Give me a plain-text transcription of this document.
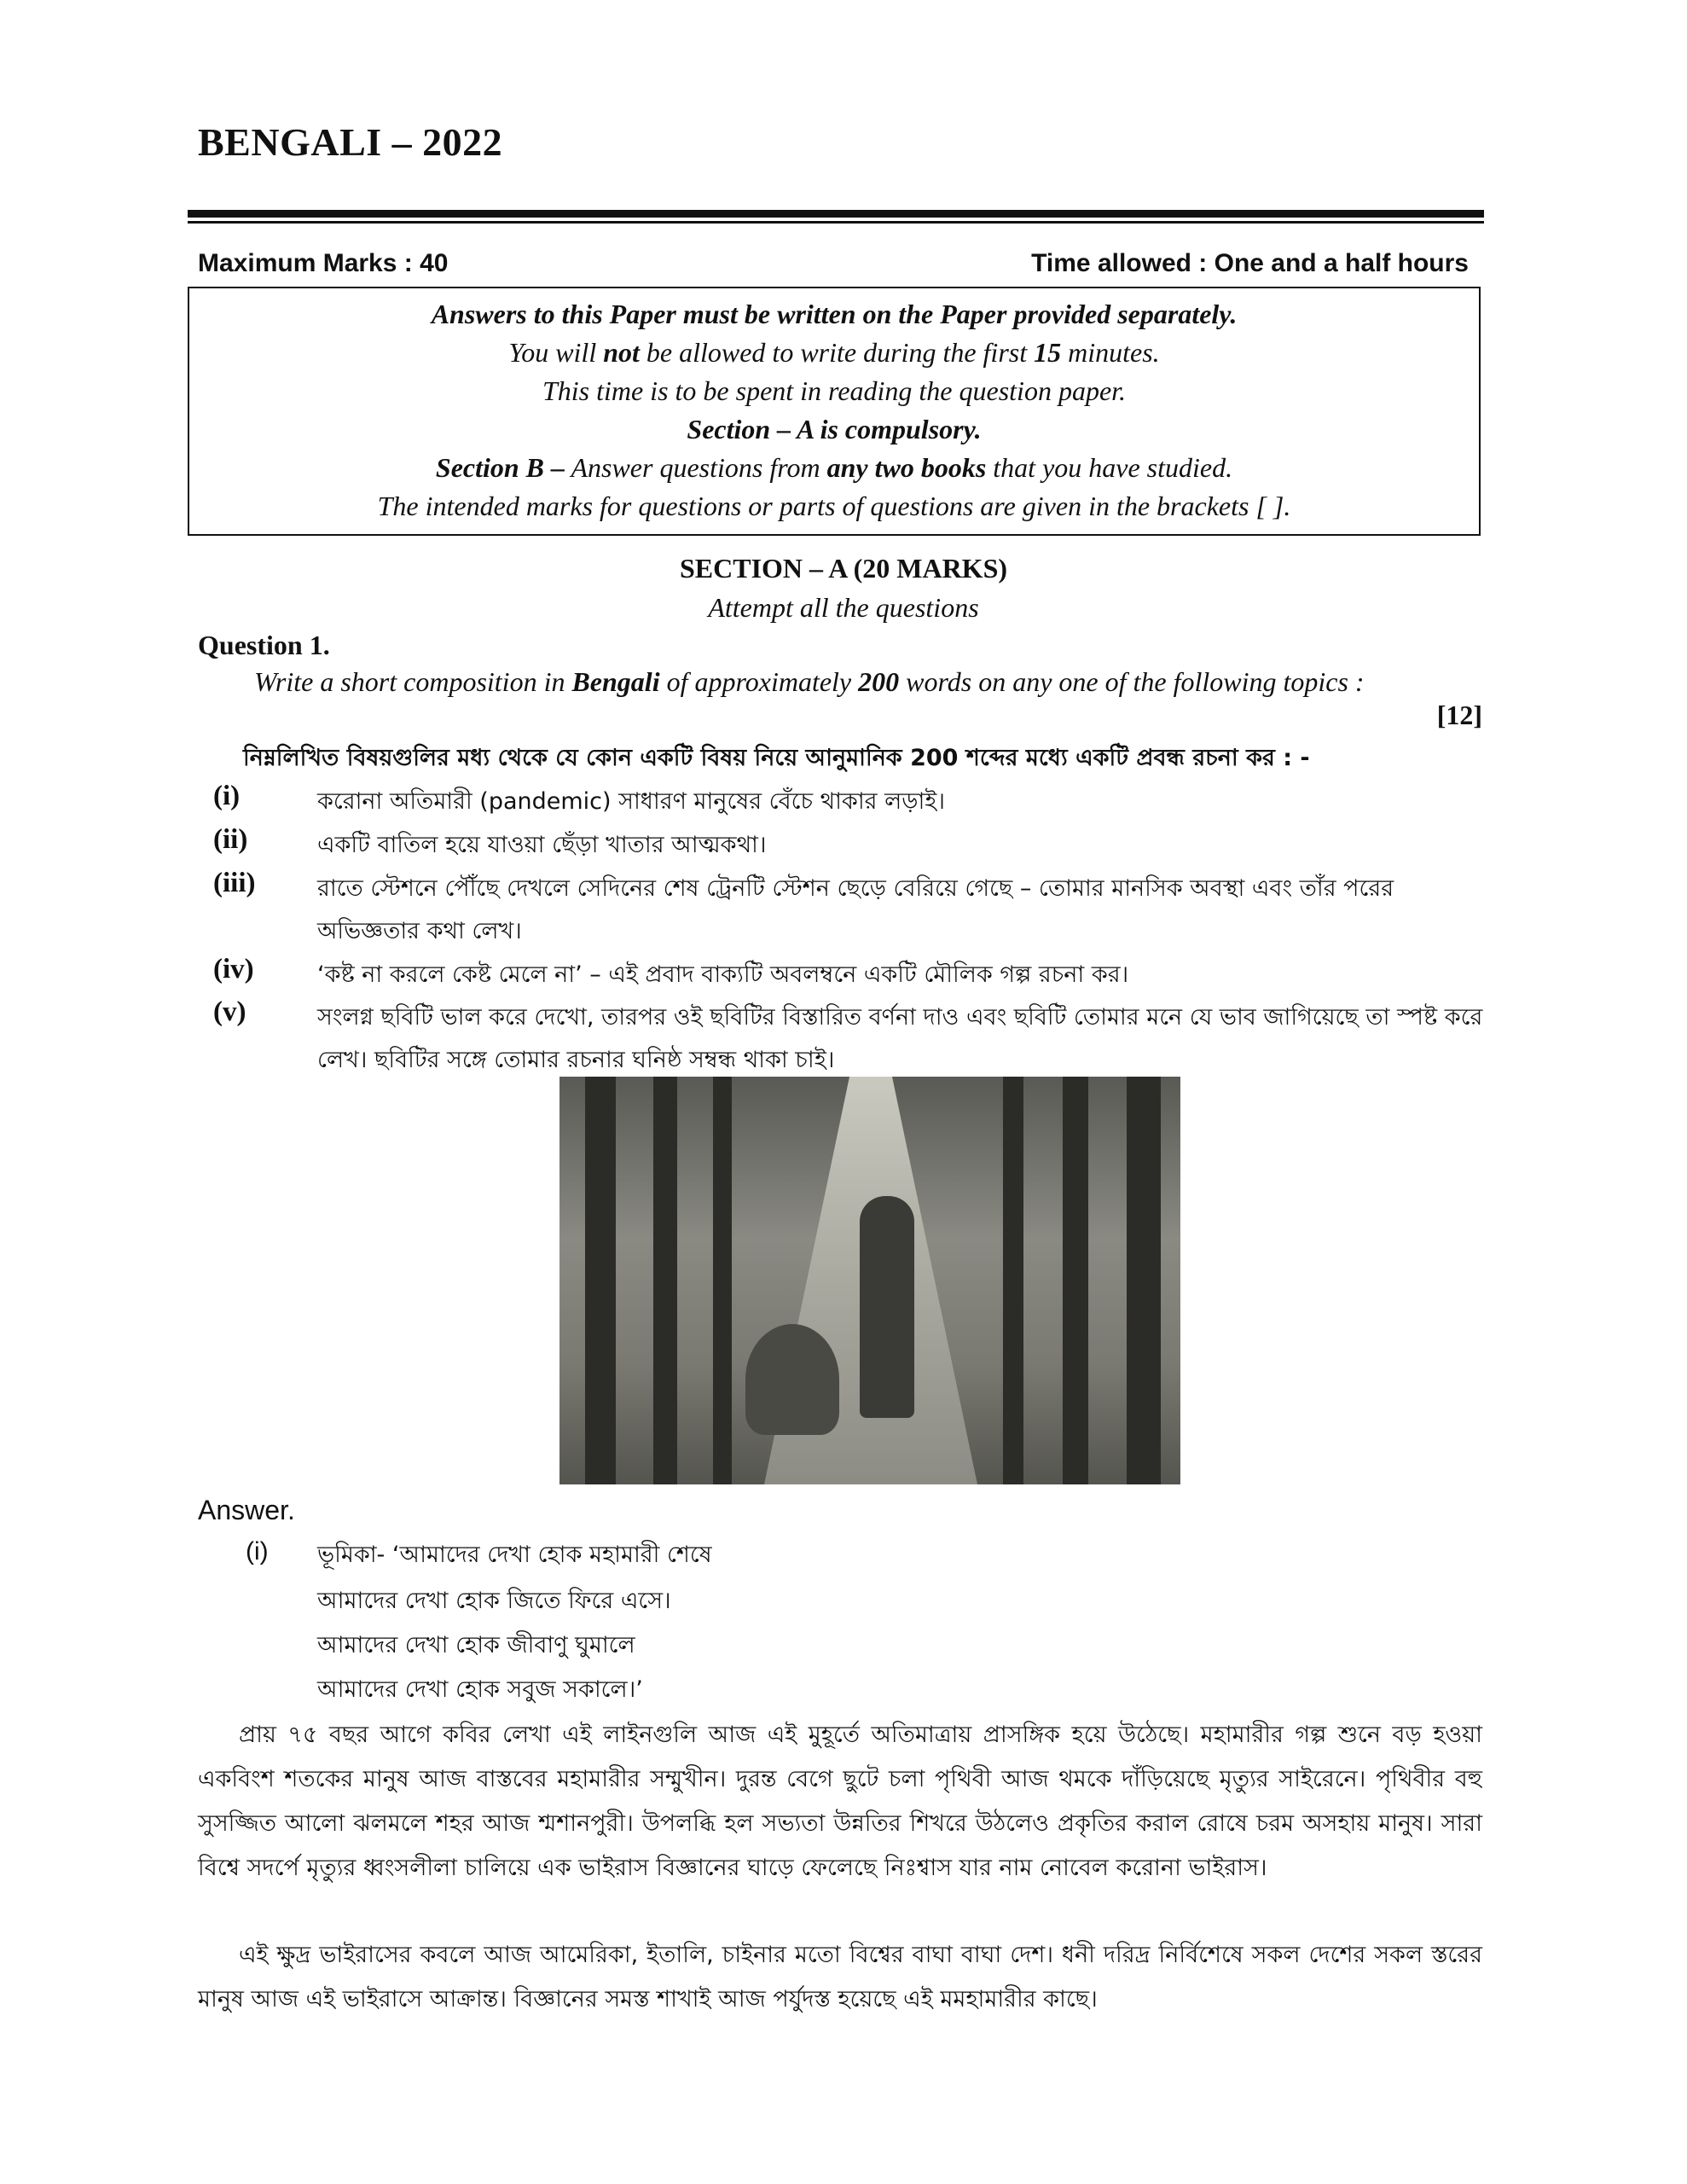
BENGALI – 2022
Maximum Marks : 40	Time allowed : One and a half hours
Answers to this Paper must be written on the Paper provided separately.
You will not be allowed to write during the first 15 minutes.
This time is to be spent in reading the question paper.
Section – A is compulsory.
Section B – Answer questions from any two books that you have studied.
The intended marks for questions or parts of questions are given in the brackets [ ].
SECTION – A (20 MARKS)
Attempt all the questions
Question 1.
Write a short composition in Bengali of approximately 200 words on any one of the following topics :
[12]
নিম্নলিখিত বিষয়গুলির মধ্য থেকে যে কোন একটি বিষয় নিয়ে আনুমানিক 200 শব্দের মধ্যে একটি প্রবন্ধ রচনা কর : -
(i)	করোনা অতিমারী (pandemic) সাধারণ মানুষের বেঁচে থাকার লড়াই।
(ii)	একটি বাতিল হয়ে যাওয়া ছেঁড়া খাতার আত্মকথা।
(iii)	রাতে স্টেশনে পৌঁছে দেখলে সেদিনের শেষ ট্রেনটি স্টেশন ছেড়ে বেরিয়ে গেছে – তোমার মানসিক অবস্থা এবং তাঁর পরের অভিজ্ঞতার কথা লেখ।
(iv)	‘কষ্ট না করলে কেষ্ট মেলে না’ – এই প্রবাদ বাক্যটি অবলম্বনে একটি মৌলিক গল্প রচনা কর।
(v)	সংলগ্ন ছবিটি ভাল করে দেখো, তারপর ওই ছবিটির বিস্তারিত বর্ণনা দাও এবং ছবিটি তোমার মনে যে ভাব জাগিয়েছে তা স্পষ্ট করে লেখ। ছবিটির সঙ্গে তোমার রচনার ঘনিষ্ঠ সম্বন্ধ থাকা চাই।
Answer.
(i) ভূমিকা- ‘আমাদের দেখা হোক মহামারী শেষে
আমাদের দেখা হোক জিতে ফিরে এসে।
আমাদের দেখা হোক জীবাণু ঘুমালে
আমাদের দেখা হোক সবুজ সকালে।’
প্রায় ৭৫ বছর আগে কবির লেখা এই লাইনগুলি আজ এই মুহূর্তে অতিমাত্রায় প্রাসঙ্গিক হয়ে উঠেছে। মহামারীর গল্প শুনে বড় হওয়া একবিংশ শতকের মানুষ আজ বাস্তবের মহামারীর সম্মুখীন। দুরন্ত বেগে ছুটে চলা পৃথিবী আজ থমকে দাঁড়িয়েছে মৃত্যুর সাইরেনে। পৃথিবীর বহু সুসজ্জিত আলো ঝলমলে শহর আজ শ্মশানপুরী। উপলব্ধি হল সভ্যতা উন্নতির শিখরে উঠলেও প্রকৃতির করাল রোষে চরম অসহায় মানুষ। সারা বিশ্বে সদর্পে মৃত্যুর ধ্বংসলীলা চালিয়ে এক ভাইরাস বিজ্ঞানের ঘাড়ে ফেলেছে নিঃশ্বাস যার নাম নোবেল করোনা ভাইরাস।
এই ক্ষুদ্র ভাইরাসের কবলে আজ আমেরিকা, ইতালি, চাইনার মতো বিশ্বের বাঘা বাঘা দেশ। ধনী দরিদ্র নির্বিশেষে সকল দেশের সকল স্তরের মানুষ আজ এই ভাইরাসে আক্রান্ত। বিজ্ঞানের সমস্ত শাখাই আজ পর্যুদস্ত হয়েছে এই মমহামারীর কাছে।
